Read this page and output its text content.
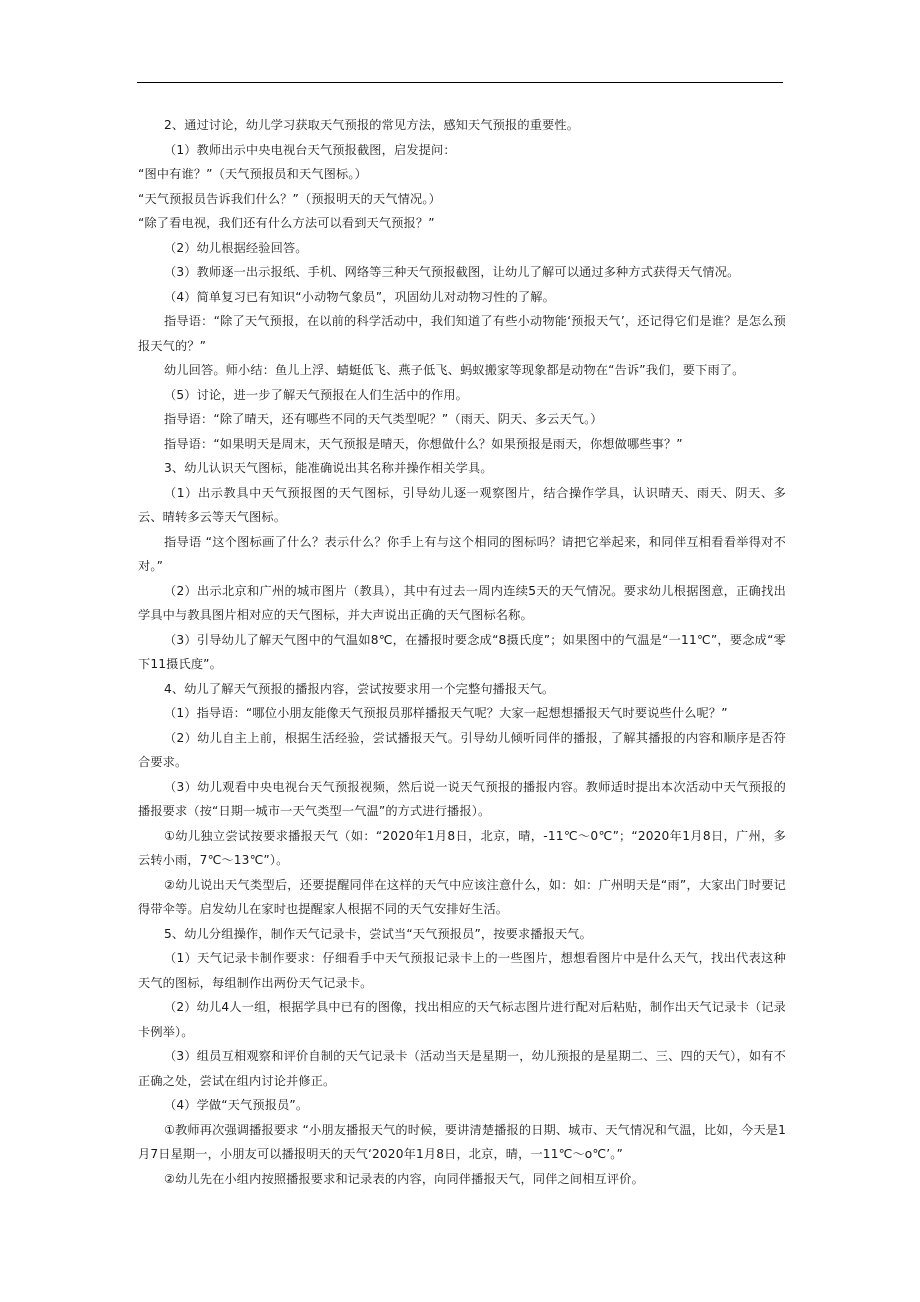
2、通过讨论，幼儿学习获取天气预报的常见方法，感知天气预报的重要性。

（1）教师出示中央电视台天气预报截图，启发提问：

“图中有谁？”（天气预报员和天气图标。）

“天气预报员告诉我们什么？”（预报明天的天气情况。）

“除了看电视，我们还有什么方法可以看到天气预报？”

（2）幼儿根据经验回答。

（3）教师逐一出示报纸、手机、网络等三种天气预报截图，让幼儿了解可以通过多种方式获得天气情况。

（4）简单复习已有知识“小动物气象员”，巩固幼儿对动物习性的了解。

指导语：“除了天气预报，在以前的科学活动中，我们知道了有些小动物能‘预报天气’，还记得它们是谁？是怎么预报天气的？”

幼儿回答。师小结：鱼儿上浮、蜻蜓低飞、燕子低飞、蚂蚁搬家等现象都是动物在“告诉”我们，要下雨了。

（5）讨论，进一步了解天气预报在人们生活中的作用。

指导语：“除了晴天，还有哪些不同的天气类型呢？”（雨天、阴天、多云天气。）

指导语：“如果明天是周末，天气预报是晴天，你想做什么？如果预报是雨天，你想做哪些事？”

3、幼儿认识天气图标，能准确说出其名称并操作相关学具。

（1）出示教具中天气预报图的天气图标，引导幼儿逐一观察图片，结合操作学具，认识晴天、雨天、阴天、多云、晴转多云等天气图标。

指导语 “这个图标画了什么？表示什么？你手上有与这个相同的图标吗？请把它举起来，和同伴互相看看举得对不对。”

（2）出示北京和广州的城市图片（教具），其中有过去一周内连续5天的天气情况。要求幼儿根据图意，正确找出学具中与教具图片相对应的天气图标，并大声说出正确的天气图标名称。

（3）引导幼儿了解天气图中的气温如8℃，在播报时要念成“8摄氏度”；如果图中的气温是“一11℃”，要念成“零下11摄氏度”。

4、幼儿了解天气预报的播报内容，尝试按要求用一个完整句播报天气。

（1）指导语：“哪位小朋友能像天气预报员那样播报天气呢？大家一起想想播报天气时要说些什么呢？”

（2）幼儿自主上前，根据生活经验，尝试播报天气。引导幼儿倾听同伴的播报，了解其播报的内容和顺序是否符合要求。

（3）幼儿观看中央电视台天气预报视频，然后说一说天气预报的播报内容。教师适时提出本次活动中天气预报的播报要求（按“日期一城市一天气类型一气温”的方式进行播报）。

①幼儿独立尝试按要求播报天气（如：“2020年1月8日，北京，晴，-11℃～0℃”；“2020年1月8日，广州，多云转小雨，7℃～13℃”）。

②幼儿说出天气类型后，还要提醒同伴在这样的天气中应该注意什么，如：如：广州明天是“雨”，大家出门时要记得带伞等。启发幼儿在家时也提醒家人根据不同的天气安排好生活。

5、幼儿分组操作，制作天气记录卡，尝试当“天气预报员”，按要求播报天气。

（1）天气记录卡制作要求：仔细看手中天气预报记录卡上的一些图片，想想看图片中是什么天气，找出代表这种天气的图标，每组制作出两份天气记录卡。

（2）幼儿4人一组，根据学具中已有的图像，找出相应的天气标志图片进行配对后粘贴，制作出天气记录卡（记录卡例举）。

（3）组员互相观察和评价自制的天气记录卡（活动当天是星期一，幼儿预报的是星期二、三、四的天气），如有不正确之处，尝试在组内讨论并修正。

（4）学做“天气预报员”。

①教师再次强调播报要求 “小朋友播报天气的时候，要讲清楚播报的日期、城市、天气情况和气温，比如，今天是1月7日星期一，小朋友可以播报明天的天气‘2020年1月8日，北京，晴，一11℃～o℃’。”

②幼儿先在小组内按照播报要求和记录表的内容，向同伴播报天气，同伴之间相互评价。
